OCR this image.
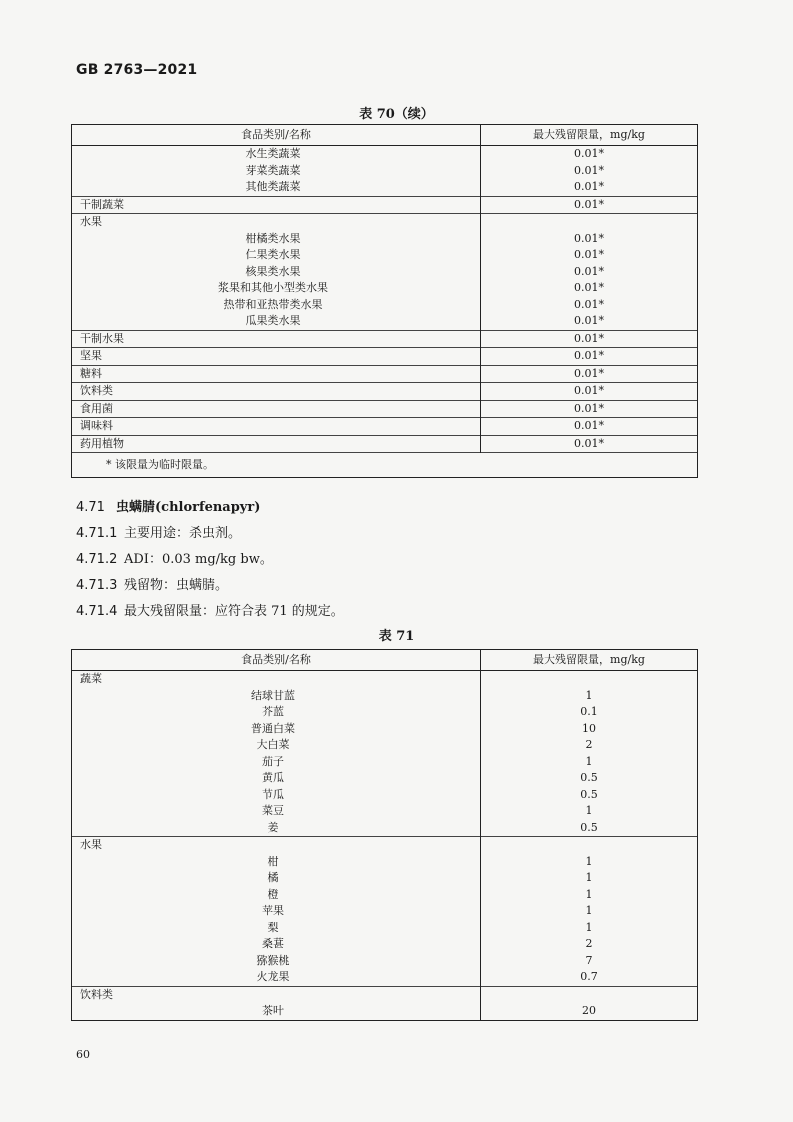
GB 2763—2021
表 70（续）
食品类别/名称	最大残留限量，mg/kg
水生类蔬菜	0.01*
芽菜类蔬菜	0.01*
其他类蔬菜	0.01*
干制蔬菜	0.01*
水果	
柑橘类水果	0.01*
仁果类水果	0.01*
核果类水果	0.01*
浆果和其他小型类水果	0.01*
热带和亚热带类水果	0.01*
瓜果类水果	0.01*
干制水果	0.01*
坚果	0.01*
糖料	0.01*
饮料类	0.01*
食用菌	0.01*
调味料	0.01*
药用植物	0.01*
* 该限量为临时限量。	
4.71 虫螨腈(chlorfenapyr)
4.71.1 主要用途：杀虫剂。
4.71.2 ADI：0.03 mg/kg bw。
4.71.3 残留物：虫螨腈。
4.71.4 最大残留限量：应符合表 71 的规定。
表 71
食品类别/名称	最大残留限量，mg/kg
蔬菜	
结球甘蓝	1
芥蓝	0.1
普通白菜	10
大白菜	2
茄子	1
黄瓜	0.5
节瓜	0.5
菜豆	1
姜	0.5
水果	
柑	1
橘	1
橙	1
苹果	1
梨	1
桑葚	2
猕猴桃	7
火龙果	0.7
饮料类	
茶叶	20
60
